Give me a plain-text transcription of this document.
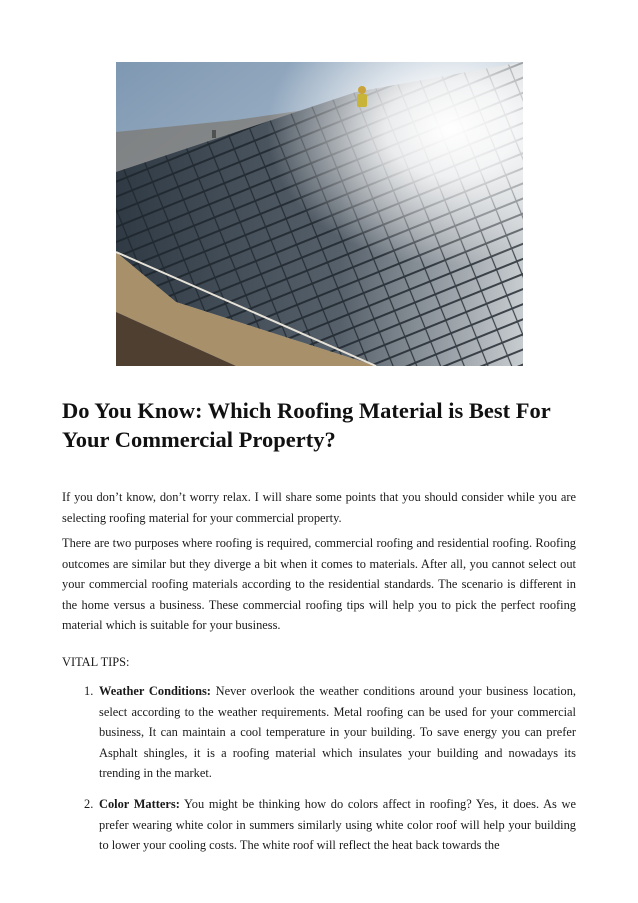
Do You Know: Which Roofing Material is Best For Your Commercial Property?

If you don’t know, don’t worry relax. I will share some points that you should consider while you are selecting roofing material for your commercial property.

There are two purposes where roofing is required, commercial roofing and residential roofing. Roofing outcomes are similar but they diverge a bit when it comes to materials. After all, you cannot select out your commercial roofing materials according to the residential standards. The scenario is different in the home versus a business. These commercial roofing tips will help you to pick the perfect roofing material which is suitable for your business.

VITAL TIPS:

1. Weather Conditions: Never overlook the weather conditions around your business location, select according to the weather requirements. Metal roofing can be used for your commercial business, It can maintain a cool temperature in your building. To save energy you can prefer Asphalt shingles, it is a roofing material which insulates your building and nowadays its trending in the market.
2. Color Matters: You might be thinking how do colors affect in roofing? Yes, it does. As we prefer wearing white color in summers similarly using white color roof will help your building to lower your cooling costs. The white roof will reflect the heat back towards the
